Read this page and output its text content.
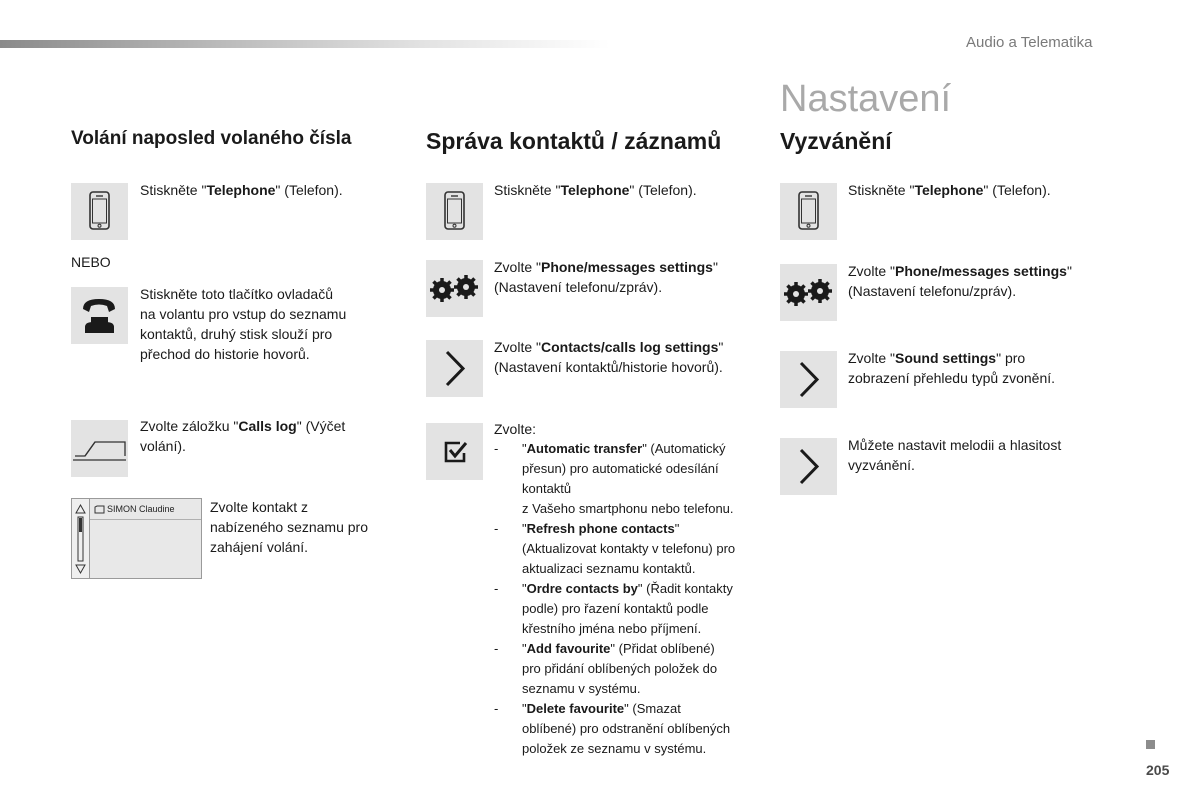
Audio a Telematika
Nastavení
Volání naposled volaného čísla
Stiskněte "Telephone" (Telefon).
NEBO
Stiskněte toto tlačítko ovladačů
na volantu pro vstup do seznamu
kontaktů, druhý stisk slouží pro
přechod do historie hovorů.
Zvolte záložku "Calls log" (Výčet
volání).
SIMON Claudine	Zvolte kontakt z
nabízeného seznamu pro
zahájení volání.
Správa kontaktů / záznamů
Stiskněte "Telephone" (Telefon).
Zvolte "Phone/messages settings"
(Nastavení telefonu/zpráv).
Zvolte "Contacts/calls log settings"
(Nastavení kontaktů/historie hovorů).
Zvolte:
- "Automatic transfer" (Automatický
přesun) pro automatické odesílání kontaktů
z Vašeho smartphonu nebo telefonu.
- "Refresh phone contacts"
(Aktualizovat kontakty v telefonu) pro
aktualizaci seznamu kontaktů.
- "Ordre contacts by" (Řadit kontakty
podle) pro řazení kontaktů podle
křestního jména nebo příjmení.
- "Add favourite" (Přidat oblíbené)
pro přidání oblíbených položek do
seznamu v systému.
- "Delete favourite" (Smazat
oblíbené) pro odstranění oblíbených
položek ze seznamu v systému.
Vyzvánění
Stiskněte "Telephone" (Telefon).
Zvolte "Phone/messages settings"
(Nastavení telefonu/zpráv).
Zvolte "Sound settings" pro
zobrazení přehledu typů zvonění.
Můžete nastavit melodii a hlasitost
vyzvánění.
205
